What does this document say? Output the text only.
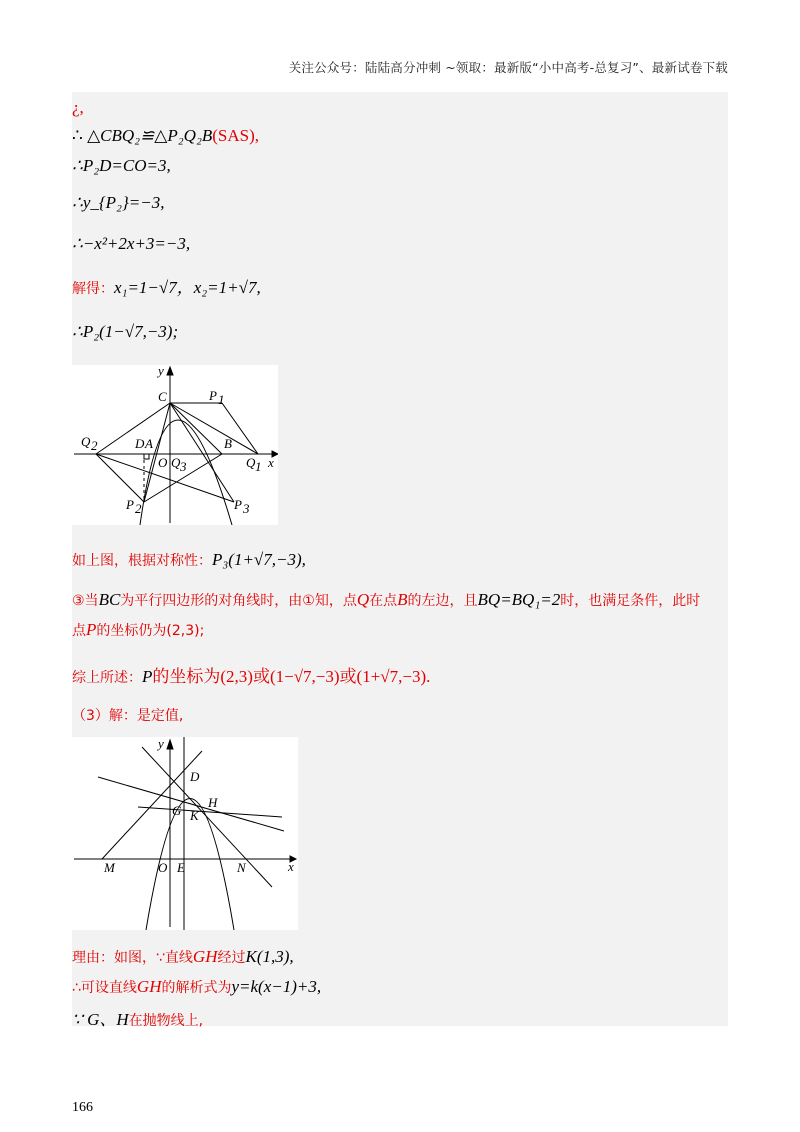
关注公众号：陆陆高分冲刺 ~领取：最新版“小中高考-总复习”、最新试卷下载
¿,
∴ △CBQ₂≌△P₂Q₂B(SAS),
∴P₂D=CO=3,
∴y_{P₂}=−3,
∴−x²+2x+3=−3,
解得：x₁=1−√7，x₂=1+√7,
∴P₂(1−√7,−3);
y
x
C	P 1
Q 2	D A	B
O Q 3	Q 1
P 2	P 3
如上图，根据对称性：P₃(1+√7,−3),
③当BC为平行四边形的对角线时，由①知，点Q在点B的左边，且BQ=BQ₁=2时，也满足条件，此时
点P的坐标仍为(2,3);
综上所述：P的坐标为(2,3)或(1−√7,−3)或(1+√7,−3).
（3）解：是定值,
y
x
D
G
H
K
M	O E	N
理由：如图，∵直线GH经过K(1,3),
∴可设直线GH的解析式为y=k(x−1)+3,
∵ G、H在抛物线上,
166
